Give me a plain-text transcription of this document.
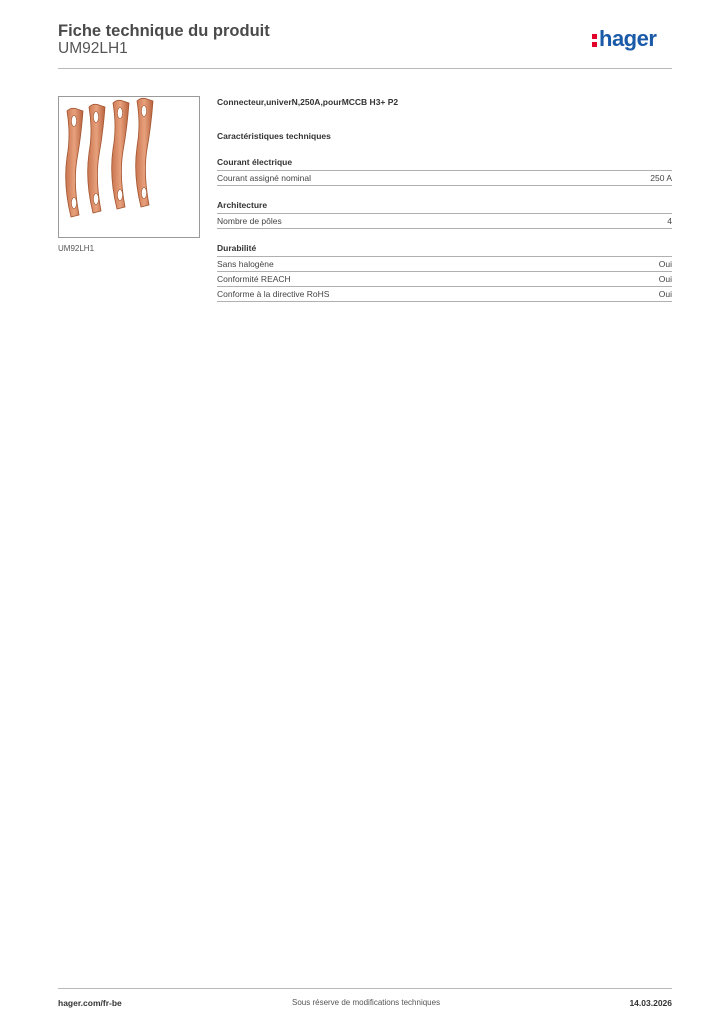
Fiche technique du produit
UM92LH1	hager
UM92LH1
Connecteur,univerN,250A,pourMCCB H3+ P2
Caractéristiques techniques
Courant électrique
Courant assigné nominal	250 A
Architecture
Nombre de pôles	4
Durabilité
Sans halogène	Oui
Conformité REACH	Oui
Conforme à la directive RoHS	Oui
hager.com/fr-be	Sous réserve de modifications techniques	14.03.2026
